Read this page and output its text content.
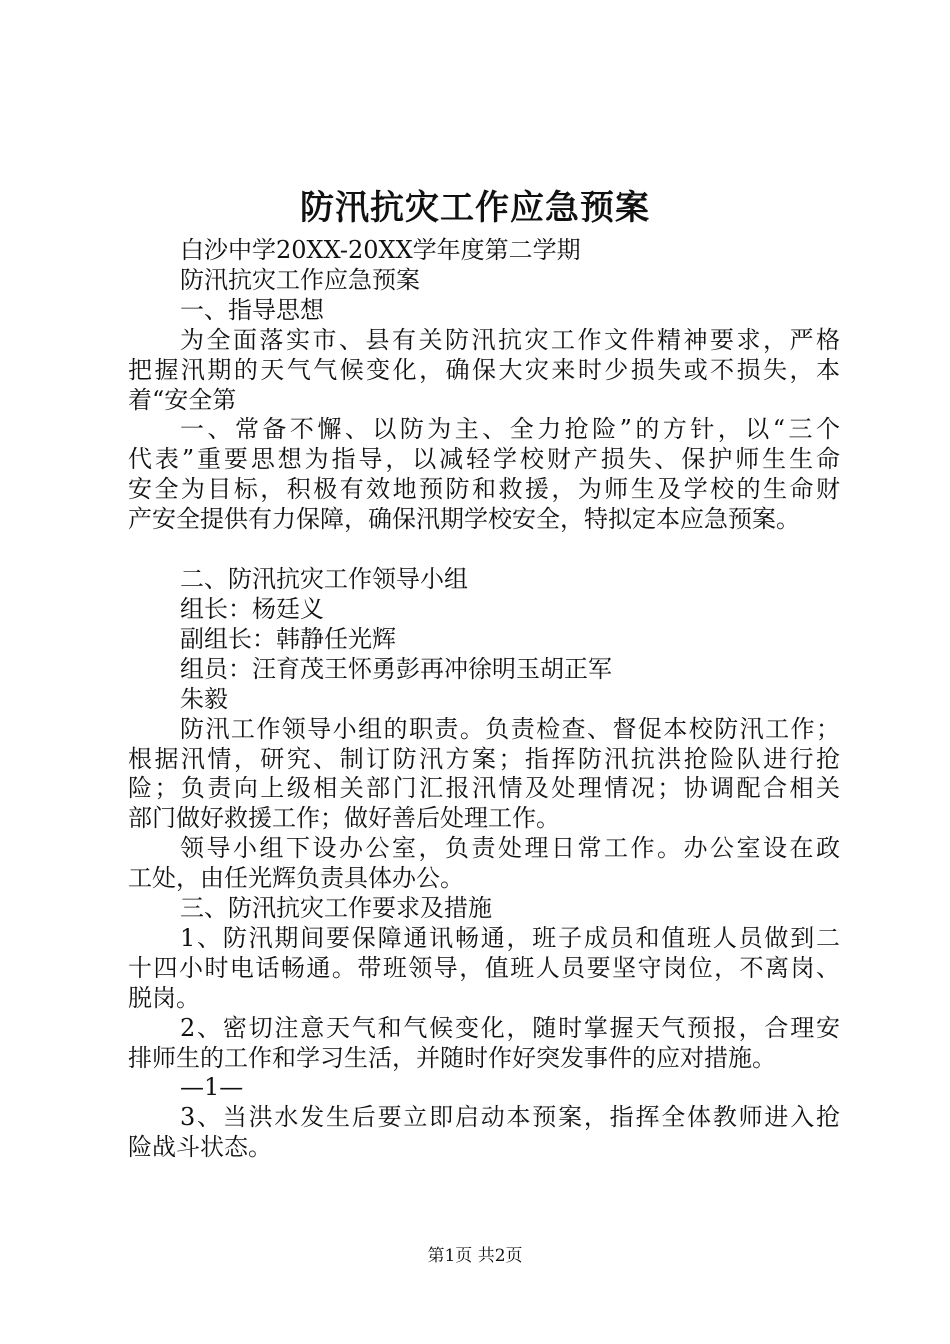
防汛抗灾工作应急预案

白沙中学20XX-20XX学年度第二学期

防汛抗灾工作应急预案

一、指导思想

为全面落实市、县有关防汛抗灾工作文件精神要求，严格

把握汛期的天气气候变化，确保大灾来时少损失或不损失，本

着“安全第

一、常备不懈、以防为主、全力抢险”的方针，以“三个

代表”重要思想为指导，以减轻学校财产损失、保护师生生命

安全为目标，积极有效地预防和救援，为师生及学校的生命财

产安全提供有力保障，确保汛期学校安全，特拟定本应急预案。

二、防汛抗灾工作领导小组

组长：杨廷义

副组长：韩静任光辉

组员：汪育茂王怀勇彭再冲徐明玉胡正军

朱毅

防汛工作领导小组的职责。负责检查、督促本校防汛工作；

根据汛情，研究、制订防汛方案；指挥防汛抗洪抢险队进行抢

险；负责向上级相关部门汇报汛情及处理情况；协调配合相关

部门做好救援工作；做好善后处理工作。

领导小组下设办公室，负责处理日常工作。办公室设在政

工处，由任光辉负责具体办公。

三、防汛抗灾工作要求及措施

1、防汛期间要保障通讯畅通，班子成员和值班人员做到二

十四小时电话畅通。带班领导，值班人员要坚守岗位，不离岗、

脱岗。

2、密切注意天气和气候变化，随时掌握天气预报，合理安

排师生的工作和学习生活，并随时作好突发事件的应对措施。

—1—

3、当洪水发生后要立即启动本预案，指挥全体教师进入抢

险战斗状态。

第1页 共2页
